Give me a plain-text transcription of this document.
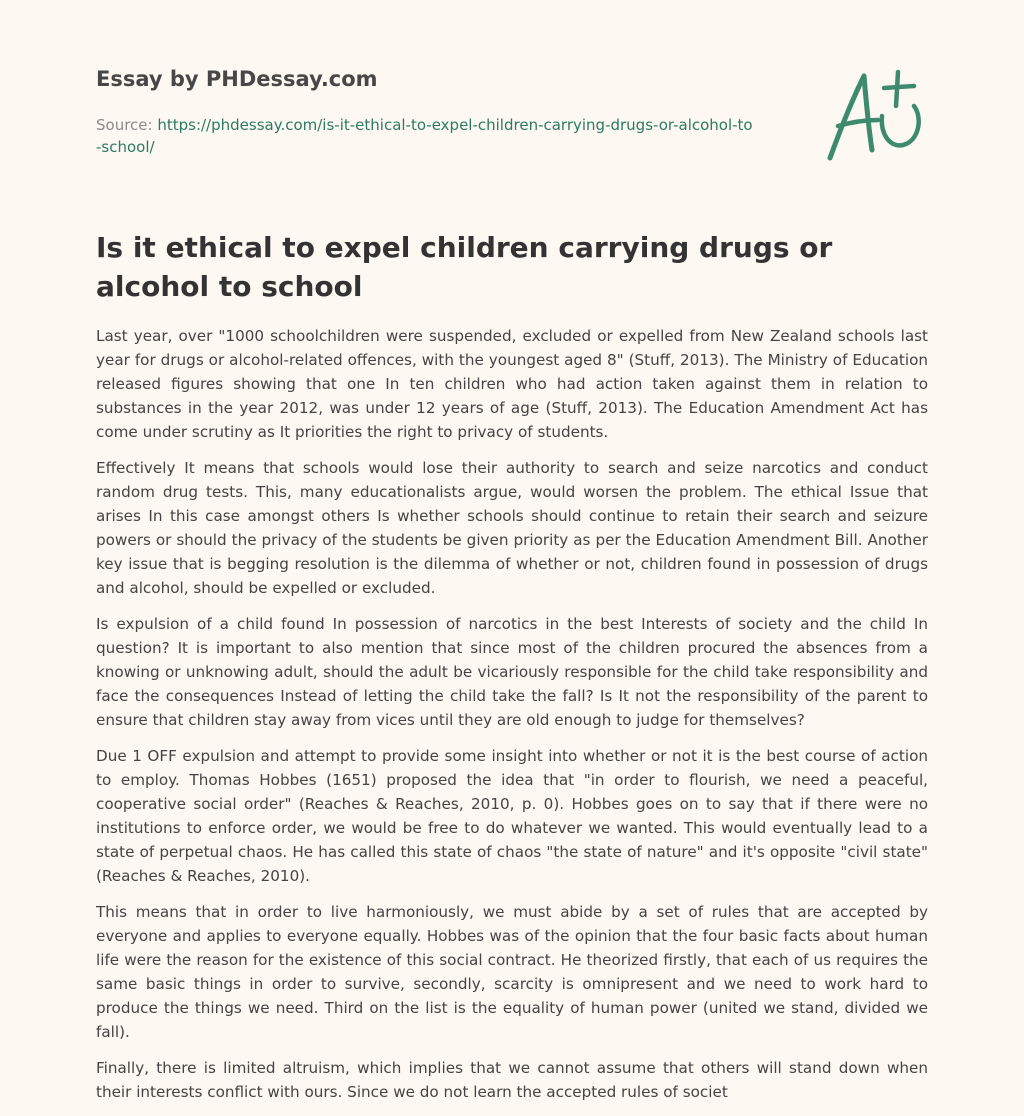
Essay by PHDessay.com
Source: https://phdessay.com/is-it-ethical-to-expel-children-carrying-drugs-or-alcohol-to-school/
Is it ethical to expel children carrying drugs or alcohol to school

Last year, over "1000 schoolchildren were suspended, excluded or expelled from New Zealand schools last year for drugs or alcohol-related offences, with the youngest aged 8" (Stuff, 2013). The Ministry of Education released figures showing that one In ten children who had action taken against them in relation to substances in the year 2012, was under 12 years of age (Stuff, 2013). The Education Amendment Act has come under scrutiny as It priorities the right to privacy of students.

Effectively It means that schools would lose their authority to search and seize narcotics and conduct random drug tests. This, many educationalists argue, would worsen the problem. The ethical Issue that arises In this case amongst others Is whether schools should continue to retain their search and seizure powers or should the privacy of the students be given priority as per the Education Amendment Bill. Another key issue that is begging resolution is the dilemma of whether or not, children found in possession of drugs and alcohol, should be expelled or excluded.

Is expulsion of a child found In possession of narcotics in the best Interests of society and the child In question? It is important to also mention that since most of the children procured the absences from a knowing or unknowing adult, should the adult be vicariously responsible for the child take responsibility and face the consequences Instead of letting the child take the fall? Is It not the responsibility of the parent to ensure that children stay away from vices until they are old enough to judge for themselves?

Due 1 OFF expulsion and attempt to provide some insight into whether or not it is the best course of action to employ. Thomas Hobbes (1651) proposed the idea that "in order to flourish, we need a peaceful, cooperative social order" (Reaches & Reaches, 2010, p. 0). Hobbes goes on to say that if there were no institutions to enforce order, we would be free to do whatever we wanted. This would eventually lead to a state of perpetual chaos. He has called this state of chaos "the state of nature" and it's opposite "civil state" (Reaches & Reaches, 2010).

This means that in order to live harmoniously, we must abide by a set of rules that are accepted by everyone and applies to everyone equally. Hobbes was of the opinion that the four basic facts about human life were the reason for the existence of this social contract. He theorized firstly, that each of us requires the same basic things in order to survive, secondly, scarcity is omnipresent and we need to work hard to produce the things we need. Third on the list is the equality of human power (united we stand, divided we fall).

Finally, there is limited altruism, which implies that we cannot assume that others will stand down when their interests conflict with ours. Since we do not learn the accepted rules of societ
